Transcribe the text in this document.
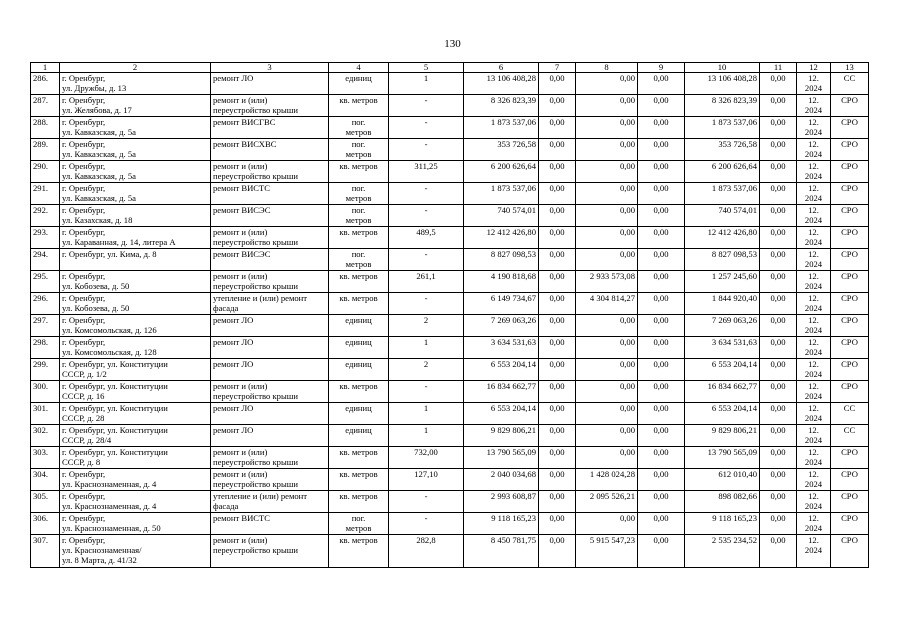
130
1	2	3	4	5	6	7	8	9	10	11	12	13
286.	г. Оренбург,
ул. Дружбы, д. 13	ремонт ЛО	единиц	1	13 106 408,28	0,00	0,00	0,00	13 106 408,28	0,00	12.
2024	СС
287.	г. Оренбург,
ул. Желябова, д. 17	ремонт и (или)
переустройство крыши	кв. метров	-	8 326 823,39	0,00	0,00	0,00	8 326 823,39	0,00	12.
2024	СРО
288.	г. Оренбург,
ул. Кавказская, д. 5а	ремонт ВИСГВС	пог.
метров	-	1 873 537,06	0,00	0,00	0,00	1 873 537,06	0,00	12.
2024	СРО
289.	г. Оренбург,
ул. Кавказская, д. 5а	ремонт ВИСХВС	пог.
метров	-	353 726,58	0,00	0,00	0,00	353 726,58	0,00	12.
2024	СРО
290.	г. Оренбург,
ул. Кавказская, д. 5а	ремонт и (или)
переустройство крыши	кв. метров	311,25	6 200 626,64	0,00	0,00	0,00	6 200 626,64	0,00	12.
2024	СРО
291.	г. Оренбург,
ул. Кавказская, д. 5а	ремонт ВИСТС	пог.
метров	-	1 873 537,06	0,00	0,00	0,00	1 873 537,06	0,00	12.
2024	СРО
292.	г. Оренбург,
ул. Казахская, д. 18	ремонт ВИСЭС	пог.
метров	-	740 574,01	0,00	0,00	0,00	740 574,01	0,00	12.
2024	СРО
293.	г. Оренбург,
ул. Караванная, д. 14, литера А	ремонт и (или)
переустройство крыши	кв. метров	489,5	12 412 426,80	0,00	0,00	0,00	12 412 426,80	0,00	12.
2024	СРО
294.	г. Оренбург, ул. Кима, д. 8	ремонт ВИСЭС	пог.
метров	-	8 827 098,53	0,00	0,00	0,00	8 827 098,53	0,00	12.
2024	СРО
295.	г. Оренбург,
ул. Кобозева, д. 50	ремонт и (или)
переустройство крыши	кв. метров	261,1	4 190 818,68	0,00	2 933 573,08	0,00	1 257 245,60	0,00	12.
2024	СРО
296.	г. Оренбург,
ул. Кобозева, д. 50	утепление и (или) ремонт
фасада	кв. метров	-	6 149 734,67	0,00	4 304 814,27	0,00	1 844 920,40	0,00	12.
2024	СРО
297.	г. Оренбург,
ул. Комсомольская, д. 126	ремонт ЛО	единиц	2	7 269 063,26	0,00	0,00	0,00	7 269 063,26	0,00	12.
2024	СРО
298.	г. Оренбург,
ул. Комсомольская, д. 128	ремонт ЛО	единиц	1	3 634 531,63	0,00	0,00	0,00	3 634 531,63	0,00	12.
2024	СРО
299.	г. Оренбург, ул. Конституции
СССР, д. 1/2	ремонт ЛО	единиц	2	6 553 204,14	0,00	0,00	0,00	6 553 204,14	0,00	12.
2024	СРО
300.	г. Оренбург, ул. Конституции
СССР, д. 16	ремонт и (или)
переустройство крыши	кв. метров	-	16 834 662,77	0,00	0,00	0,00	16 834 662,77	0,00	12.
2024	СРО
301.	г. Оренбург, ул. Конституции
СССР, д. 28	ремонт ЛО	единиц	1	6 553 204,14	0,00	0,00	0,00	6 553 204,14	0,00	12.
2024	СС
302.	г. Оренбург, ул. Конституции
СССР, д. 28/4	ремонт ЛО	единиц	1	9 829 806,21	0,00	0,00	0,00	9 829 806,21	0,00	12.
2024	СС
303.	г. Оренбург, ул. Конституции
СССР, д. 8	ремонт и (или)
переустройство крыши	кв. метров	732,00	13 790 565,09	0,00	0,00	0,00	13 790 565,09	0,00	12.
2024	СРО
304.	г. Оренбург,
ул. Краснознаменная, д. 4	ремонт и (или)
переустройство крыши	кв. метров	127,10	2 040 034,68	0,00	1 428 024,28	0,00	612 010,40	0,00	12.
2024	СРО
305.	г. Оренбург,
ул. Краснознаменная, д. 4	утепление и (или) ремонт
фасада	кв. метров	-	2 993 608,87	0,00	2 095 526,21	0,00	898 082,66	0,00	12.
2024	СРО
306.	г. Оренбург,
ул. Краснознаменная, д. 50	ремонт ВИСТС	пог.
метров	-	9 118 165,23	0,00	0,00	0,00	9 118 165,23	0,00	12.
2024	СРО
307.	г. Оренбург,
ул. Краснознаменная/
ул. 8 Марта, д. 41/32	ремонт и (или)
переустройство крыши	кв. метров	282,8	8 450 781,75	0,00	5 915 547,23	0,00	2 535 234,52	0,00	12.
2024	СРО
